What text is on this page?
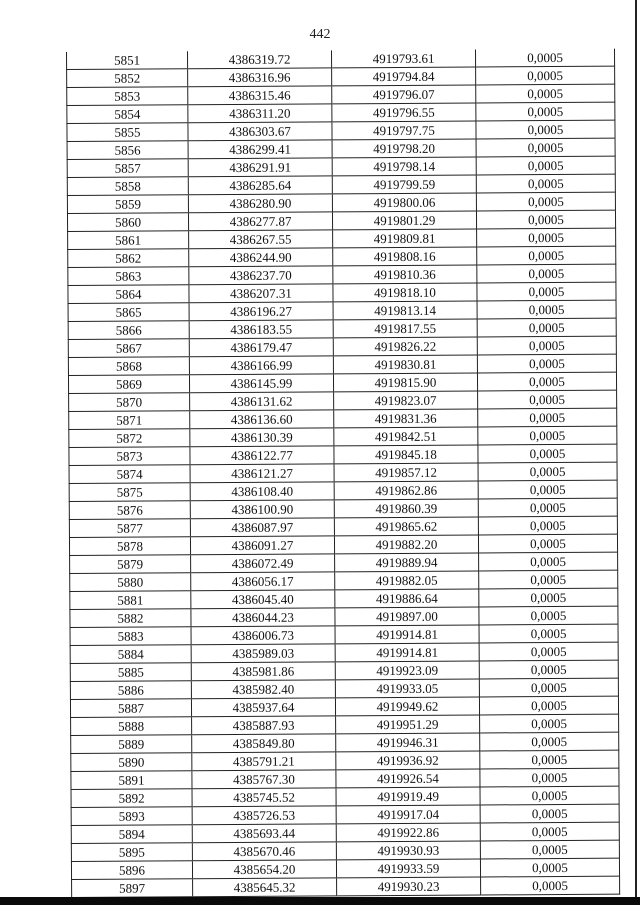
442
5851	4386319.72	4919793.61	0,0005
5852	4386316.96	4919794.84	0,0005
5853	4386315.46	4919796.07	0,0005
5854	4386311.20	4919796.55	0,0005
5855	4386303.67	4919797.75	0,0005
5856	4386299.41	4919798.20	0,0005
5857	4386291.91	4919798.14	0,0005
5858	4386285.64	4919799.59	0,0005
5859	4386280.90	4919800.06	0,0005
5860	4386277.87	4919801.29	0,0005
5861	4386267.55	4919809.81	0,0005
5862	4386244.90	4919808.16	0,0005
5863	4386237.70	4919810.36	0,0005
5864	4386207.31	4919818.10	0,0005
5865	4386196.27	4919813.14	0,0005
5866	4386183.55	4919817.55	0,0005
5867	4386179.47	4919826.22	0,0005
5868	4386166.99	4919830.81	0,0005
5869	4386145.99	4919815.90	0,0005
5870	4386131.62	4919823.07	0,0005
5871	4386136.60	4919831.36	0,0005
5872	4386130.39	4919842.51	0,0005
5873	4386122.77	4919845.18	0,0005
5874	4386121.27	4919857.12	0,0005
5875	4386108.40	4919862.86	0,0005
5876	4386100.90	4919860.39	0,0005
5877	4386087.97	4919865.62	0,0005
5878	4386091.27	4919882.20	0,0005
5879	4386072.49	4919889.94	0,0005
5880	4386056.17	4919882.05	0,0005
5881	4386045.40	4919886.64	0,0005
5882	4386044.23	4919897.00	0,0005
5883	4386006.73	4919914.81	0,0005
5884	4385989.03	4919914.81	0,0005
5885	4385981.86	4919923.09	0,0005
5886	4385982.40	4919933.05	0,0005
5887	4385937.64	4919949.62	0,0005
5888	4385887.93	4919951.29	0,0005
5889	4385849.80	4919946.31	0,0005
5890	4385791.21	4919936.92	0,0005
5891	4385767.30	4919926.54	0,0005
5892	4385745.52	4919919.49	0,0005
5893	4385726.53	4919917.04	0,0005
5894	4385693.44	4919922.86	0,0005
5895	4385670.46	4919930.93	0,0005
5896	4385654.20	4919933.59	0,0005
5897	4385645.32	4919930.23	0,0005
